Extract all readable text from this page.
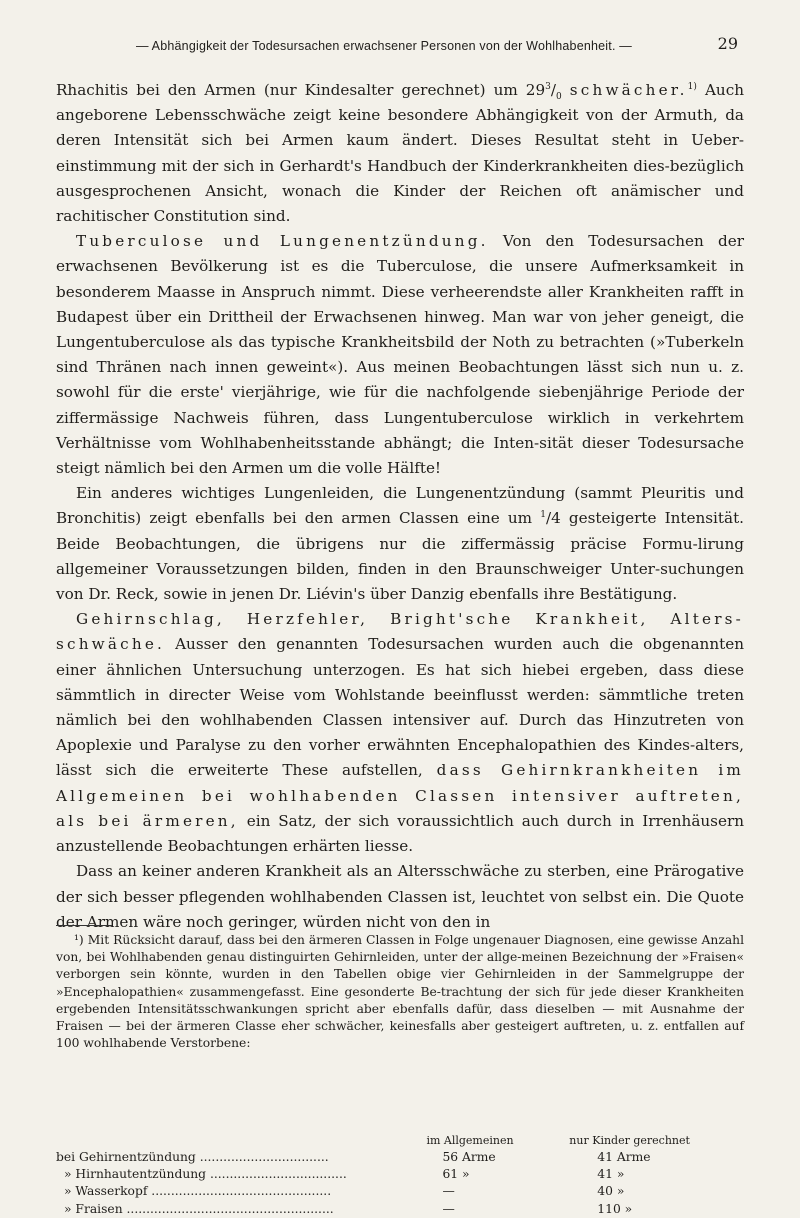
— Abhängigkeit der Todesursachen erwachsener Personen von der Wohlhabenheit. —	29

Rhachitis bei den Armen (nur Kindesalter gerechnet) um $29^3/_0$ schwächer.$^{1)}$ Auch angeborene Lebensschwäche zeigt keine besondere Abhängigkeit von der Armuth, da deren Intensität sich bei Armen kaum ändert. Dieses Resultat steht in Ueber-einstimmung mit der sich in Gerhardt's Handbuch der Kinderkrankheiten dies-bezüglich ausgesprochenen Ansicht, wonach die Kinder der Reichen oft anämischer und rachitischer Constitution sind.

Tuberculose und Lungenentzündung. Von den Todesursachen der erwachsenen Bevölkerung ist es die Tuberculose, die unsere Aufmerksamkeit in besonderem Maasse in Anspruch nimmt. Diese verheerendste aller Krankheiten rafft in Budapest über ein Drittheil der Erwachsenen hinweg. Man war von jeher geneigt, die Lungentuberculose als das typische Krankheitsbild der Noth zu betrachten (»Tuberkeln sind Thränen nach innen geweint«). Aus meinen Beobachtungen lässt sich nun u. z. sowohl für die erste' vierjährige, wie für die nachfolgende siebenjährige Periode der ziffermässige Nachweis führen, dass Lungentuberculose wirklich in verkehrtem Verhältnisse vom Wohlhabenheitsstande abhängt; die Inten-sität dieser Todesursache steigt nämlich bei den Armen um die volle Hälfte!

Ein anderes wichtiges Lungenleiden, die Lungenentzündung (sammt Pleuritis und Bronchitis) zeigt ebenfalls bei den armen Classen eine um $^1$/4 gesteigerte Intensität. Beide Beobachtungen, die übrigens nur die ziffermässig präcise Formu-lirung allgemeiner Voraussetzungen bilden, finden in den Braunschweiger Unter-suchungen von Dr. Reck, sowie in jenen Dr. Liévin's über Danzig ebenfalls ihre Bestätigung.

Gehirnschlag, Herzfehler, Bright'sche Krankheit, Alters-schwäche. Ausser den genannten Todesursachen wurden auch die obgenannten einer ähnlichen Untersuchung unterzogen. Es hat sich hiebei ergeben, dass diese sämmtlich in directer Weise vom Wohlstande beeinflusst werden: sämmtliche treten nämlich bei den wohlhabenden Classen intensiver auf. Durch das Hinzutreten von Apoplexie und Paralyse zu den vorher erwähnten Encephalopathien des Kindes-alters, lässt sich die erweiterte These aufstellen, dass Gehirnkrankheiten im Allgemeinen bei wohlhabenden Classen intensiver auftreten, als bei ärmeren, ein Satz, der sich voraussichtlich auch durch in Irrenhäusern anzustellende Beobachtungen erhärten liesse.

Dass an keiner anderen Krankheit als an Altersschwäche zu sterben, eine Prärogative der sich besser pflegenden wohlhabenden Classen ist, leuchtet von selbst ein. Die Quote der Armen wäre noch geringer, würden nicht von den in

¹) Mit Rücksicht darauf, dass bei den ärmeren Classen in Folge ungenauer Diagnosen, eine gewisse Anzahl von, bei Wohlhabenden genau distinguirten Gehirnleiden, unter der allge-meinen Bezeichnung der »Fraisen« verborgen sein könnte, wurden in den Tabellen obige vier Gehirnleiden in der Sammelgruppe der »Encephalopathien« zusammengefasst. Eine gesonderte Be-trachtung der sich für jede dieser Krankheiten ergebenden Intensitätsschwankungen spricht aber ebenfalls dafür, dass dieselben — mit Ausnahme der Fraisen — bei der ärmeren Classe eher schwächer, keinesfalls aber gesteigert auftreten, u. z. entfallen auf 100 wohlhabende Verstorbene:

	im Allgemeinen	nur Kinder gerechnet
bei Gehirnentzündung .................................	56 Arme	41 Arme
» Hirnhautentzündung ...................................	61 »	41 »
» Wasserkopf ..............................................	—	40 »
» Fraisen .....................................................	—	110 »
